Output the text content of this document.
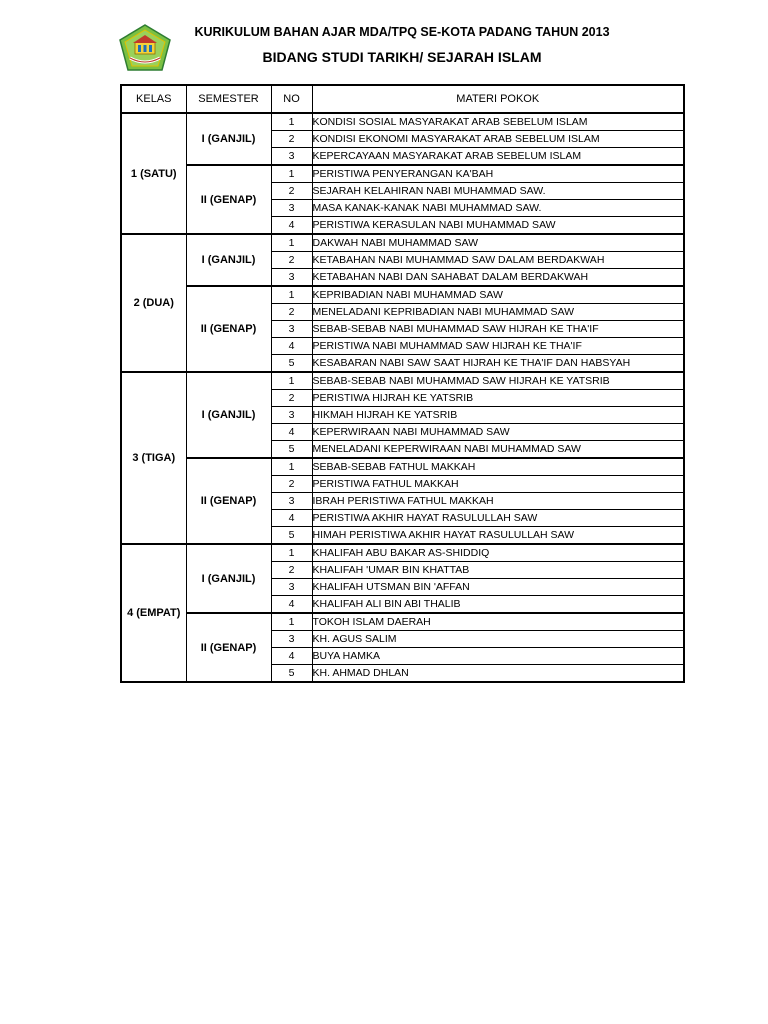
KURIKULUM BAHAN AJAR MDA/TPQ SE-KOTA PADANG TAHUN 2013
BIDANG STUDI TARIKH/ SEJARAH ISLAM
KELAS	SEMESTER	NO	MATERI POKOK
1 (SATU)	I (GANJIL)	1	KONDISI SOSIAL MASYARAKAT ARAB SEBELUM ISLAM
		2	KONDISI EKONOMI MASYARAKAT ARAB SEBELUM ISLAM
		3	KEPERCAYAAN MASYARAKAT ARAB SEBELUM ISLAM
	II (GENAP)	1	PERISTIWA PENYERANGAN KA'BAH
		2	SEJARAH KELAHIRAN NABI MUHAMMAD SAW.
		3	MASA KANAK-KANAK NABI MUHAMMAD SAW.
		4	PERISTIWA KERASULAN NABI MUHAMMAD SAW
2 (DUA)	I (GANJIL)	1	DAKWAH NABI MUHAMMAD SAW
		2	KETABAHAN NABI MUHAMMAD SAW DALAM BERDAKWAH
		3	KETABAHAN NABI DAN SAHABAT DALAM BERDAKWAH
	II (GENAP)	1	KEPRIBADIAN NABI MUHAMMAD SAW
		2	MENELADANI KEPRIBADIAN NABI MUHAMMAD SAW
		3	SEBAB-SEBAB NABI MUHAMMAD SAW HIJRAH KE THA'IF
		4	PERISTIWA NABI MUHAMMAD SAW HIJRAH KE THA'IF
		5	KESABARAN NABI SAW SAAT HIJRAH KE THA'IF DAN HABSYAH
3 (TIGA)	I (GANJIL)	1	SEBAB-SEBAB NABI MUHAMMAD SAW HIJRAH KE YATSRIB
		2	PERISTIWA HIJRAH KE YATSRIB
		3	HIKMAH HIJRAH KE YATSRIB
		4	KEPERWIRAAN NABI MUHAMMAD SAW
		5	MENELADANI KEPERWIRAAN NABI MUHAMMAD SAW
	II (GENAP)	1	SEBAB-SEBAB FATHUL MAKKAH
		2	PERISTIWA FATHUL MAKKAH
		3	IBRAH PERISTIWA FATHUL MAKKAH
		4	PERISTIWA AKHIR HAYAT RASULULLAH SAW
		5	HIMAH PERISTIWA AKHIR HAYAT RASULULLAH SAW
4 (EMPAT)	I (GANJIL)	1	KHALIFAH ABU BAKAR AS-SHIDDIQ
		2	KHALIFAH 'UMAR BIN KHATTAB
		3	KHALIFAH UTSMAN BIN 'AFFAN
		4	KHALIFAH ALI BIN ABI THALIB
	II (GENAP)	1	TOKOH ISLAM DAERAH
		3	KH. AGUS SALIM
		4	BUYA HAMKA
		5	KH. AHMAD DHLAN
